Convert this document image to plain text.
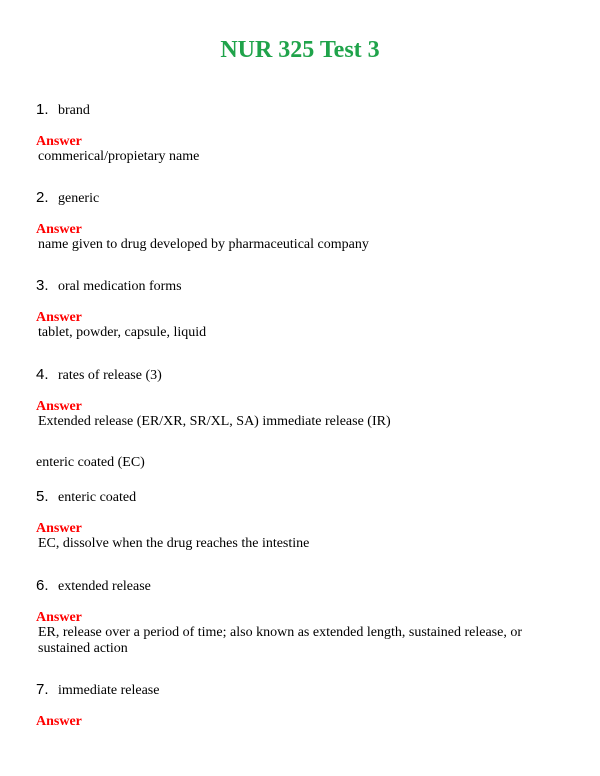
NUR 325 Test 3
1. brand
Answer
commerical/propietary name
2. generic
Answer
name given to drug developed by pharmaceutical company
3. oral medication forms
Answer
tablet, powder, capsule, liquid
4. rates of release (3)
Answer
Extended release (ER/XR, SR/XL, SA) immediate release (IR)
enteric coated (EC)
5. enteric coated
Answer
EC, dissolve when the drug reaches the intestine
6. extended release
Answer
ER, release over a period of time; also known as extended length, sustained release, or sustained action
7. immediate release
Answer
